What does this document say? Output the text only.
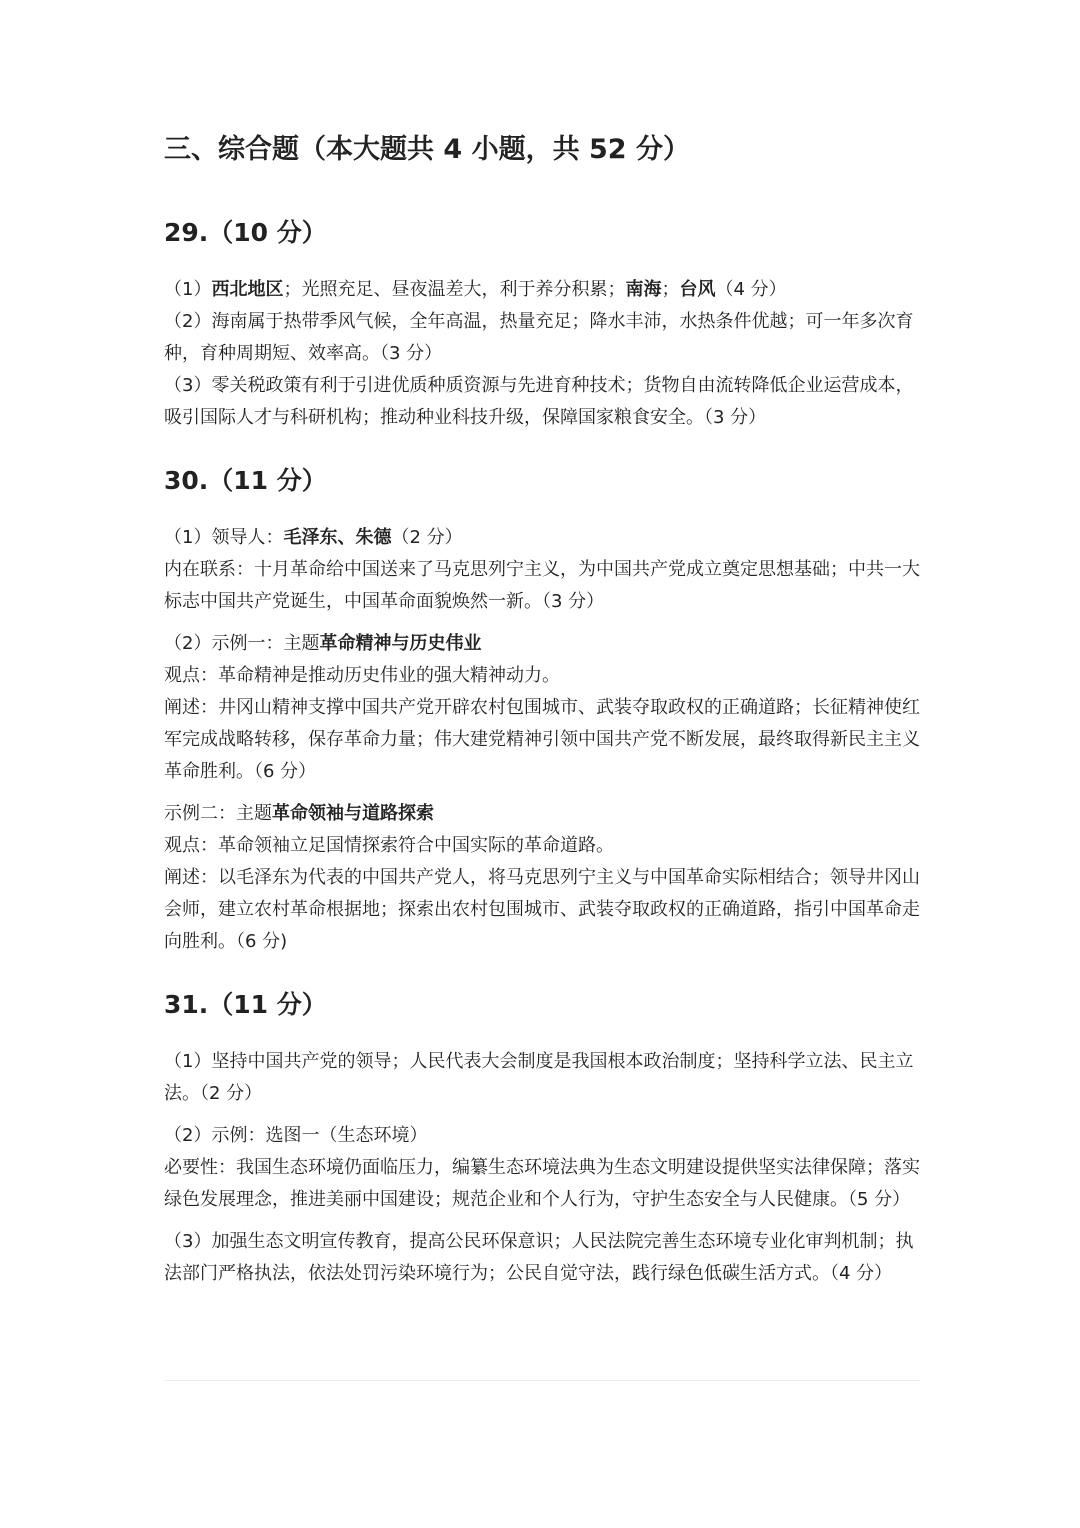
三、综合题（本大题共 4 小题，共 52 分）
29.（10 分）

（1）西北地区；光照充足、昼夜温差大，利于养分积累；南海；台风（4 分）

（2）海南属于热带季风气候，全年高温，热量充足；降水丰沛，水热条件优越；可一年多次育种，育种周期短、效率高。（3 分）

（3）零关税政策有利于引进优质种质资源与先进育种技术；货物自由流转降低企业运营成本，吸引国际人才与科研机构；推动种业科技升级，保障国家粮食安全。（3 分）

30.（11 分）

（1）领导人：毛泽东、朱德（2 分）

内在联系：十月革命给中国送来了马克思列宁主义，为中国共产党成立奠定思想基础；中共一大标志中国共产党诞生，中国革命面貌焕然一新。（3 分）

（2）示例一：主题革命精神与历史伟业

观点：革命精神是推动历史伟业的强大精神动力。

阐述：井冈山精神支撑中国共产党开辟农村包围城市、武装夺取政权的正确道路；长征精神使红军完成战略转移，保存革命力量；伟大建党精神引领中国共产党不断发展，最终取得新民主主义革命胜利。（6 分）

示例二：主题革命领袖与道路探索

观点：革命领袖立足国情探索符合中国实际的革命道路。

阐述：以毛泽东为代表的中国共产党人，将马克思列宁主义与中国革命实际相结合；领导井冈山会师，建立农村革命根据地；探索出农村包围城市、武装夺取政权的正确道路，指引中国革命走向胜利。（6 分)

31.（11 分）

（1）坚持中国共产党的领导；人民代表大会制度是我国根本政治制度；坚持科学立法、民主立法。（2 分）

（2）示例：选图一（生态环境）

必要性：我国生态环境仍面临压力，编纂生态环境法典为生态文明建设提供坚实法律保障；落实绿色发展理念，推进美丽中国建设；规范企业和个人行为，守护生态安全与人民健康。（5 分）

（3）加强生态文明宣传教育，提高公民环保意识；人民法院完善生态环境专业化审判机制；执法部门严格执法，依法处罚污染环境行为；公民自觉守法，践行绿色低碳生活方式。（4 分）
